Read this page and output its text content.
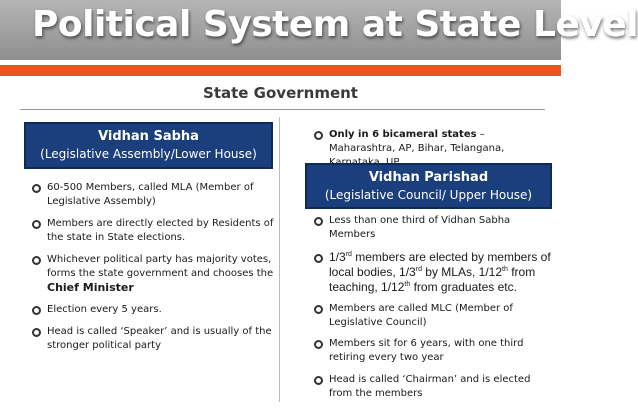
Political System at State Level
State Government
Vidhan Sabha
(Legislative Assembly/Lower House)
60-500 Members, called MLA (Member of Legislative Assembly)
Members are directly elected by Residents of the state in State elections.
Whichever political party has majority votes, forms the state government and chooses the Chief Minister
Election every 5 years.
Head is called ‘Speaker’ and is usually of the stronger political party
Only in 6 bicameral states – Maharashtra, AP, Bihar, Telangana,
Vidhan Parishad
(Legislative Council/ Upper House)
Less than one third of Vidhan Sabha Members
1/3rd members are elected by members of local bodies, 1/3rd by MLAs, 1/12th from teaching, 1/12th from graduates etc.
Members are called MLC (Member of Legislative Council)
Members sit for 6 years, with one third retiring every two year
Head is called ‘Chairman’ and is elected from the members
